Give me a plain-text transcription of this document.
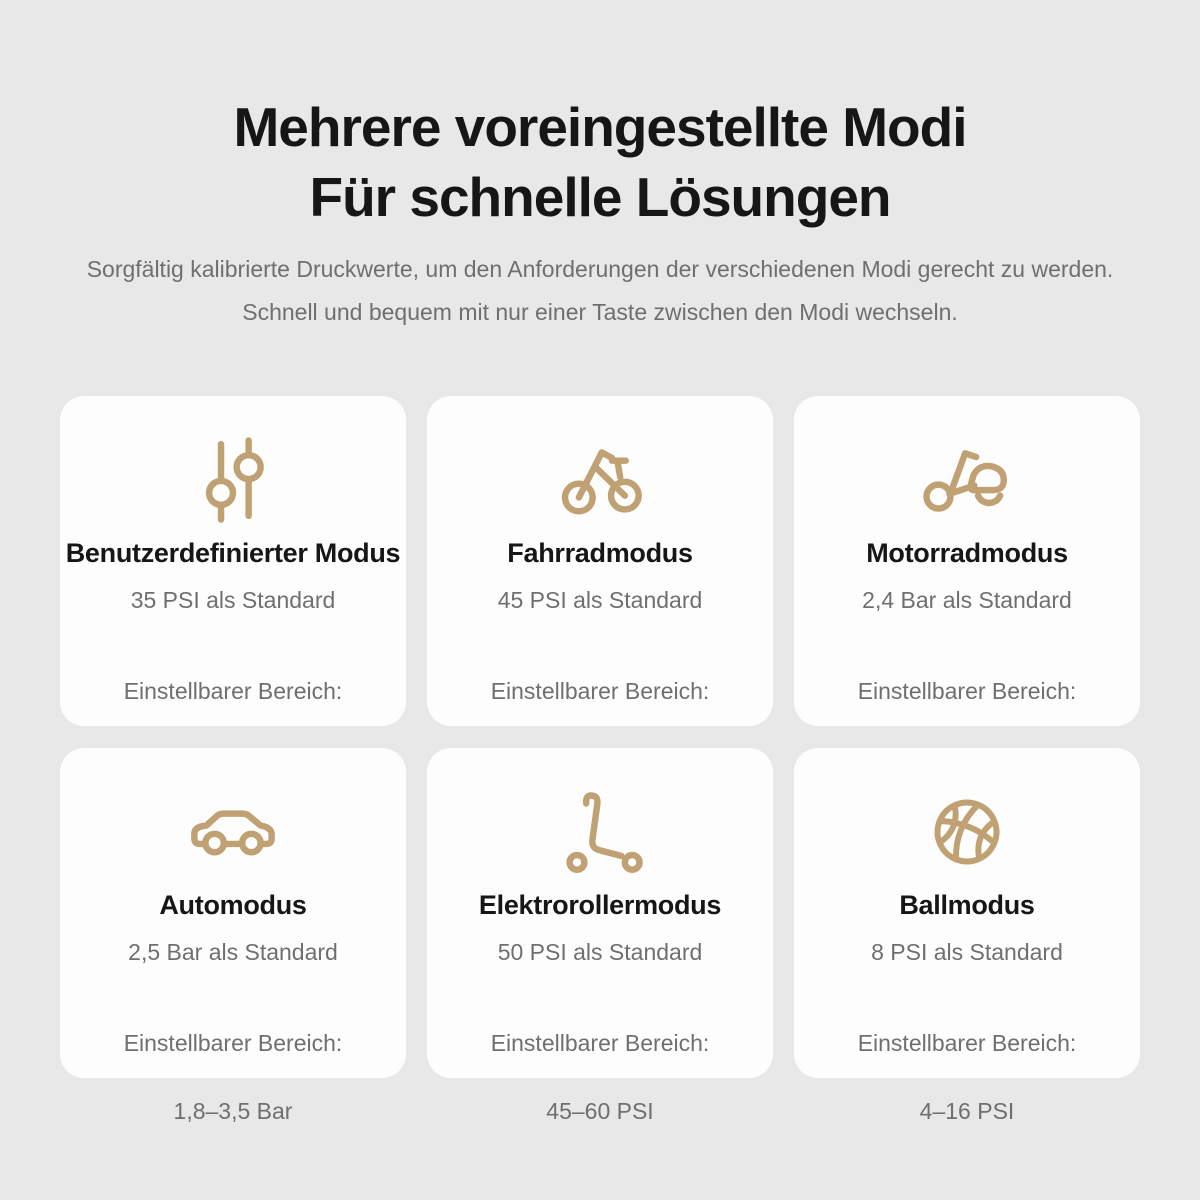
Mehrere voreingestellte Modi
Für schnelle Lösungen
Sorgfältig kalibrierte Druckwerte, um den Anforderungen der verschiedenen Modi gerecht zu werden. Schnell und bequem mit nur einer Taste zwischen den Modi wechseln.
Benutzerdefinierter Modus
35 PSI als Standard

Einstellbarer Bereich:

Fahrradmodus
45 PSI als Standard

Einstellbarer Bereich:

Motorradmodus
2,4 Bar als Standard

Einstellbarer Bereich:

Automodus
2,5 Bar als Standard

Einstellbarer Bereich:

1,8–3,5 Bar

Elektrorollermodus
50 PSI als Standard

Einstellbarer Bereich:

45–60 PSI

Ballmodus
8 PSI als Standard

Einstellbarer Bereich:

4–16 PSI
